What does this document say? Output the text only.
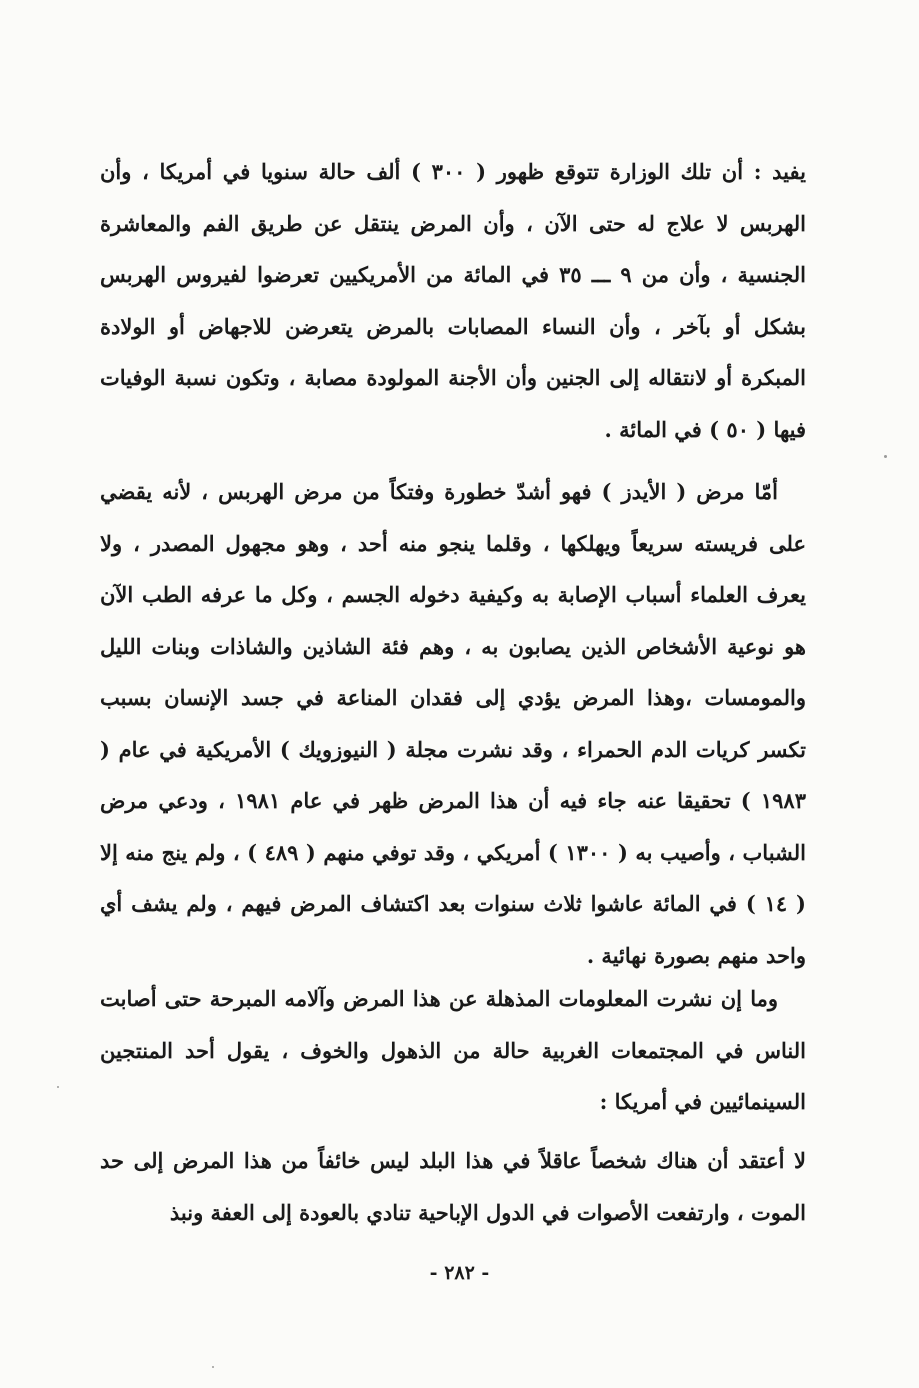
يفيد : أن تلك الوزارة تتوقع ظهور ( ٣٠٠ ) ألف حالة سنويا في أمريكا ، وأن الهربس لا علاج له حتى الآن ، وأن المرض ينتقل عن طريق الفم والمعاشرة الجنسية ، وأن من ٩ ـــ ٣٥ في المائة من الأمريكيين تعرضوا لفيروس الهربس بشكل أو بآخر ، وأن النساء المصابات بالمرض يتعرضن للاجهاض أو الولادة المبكرة أو لانتقاله إلى الجنين وأن الأجنة المولودة مصابة ، وتكون نسبة الوفيات فيها ( ٥٠ ) في المائة .

أمّا مرض ( الأيدز ) فهو أشدّ خطورة وفتكاً من مرض الهربس ، لأنه يقضي على فريسته سريعاً ويهلكها ، وقلما ينجو منه أحد ، وهو مجهول المصدر ، ولا يعرف العلماء أسباب الإصابة به وكيفية دخوله الجسم ، وكل ما عرفه الطب الآن هو نوعية الأشخاص الذين يصابون به ، وهم فئة الشاذين والشاذات وبنات الليل والمومسات ،وهذا المرض يؤدي إلى فقدان المناعة في جسد الإنسان بسبب تكسر كريات الدم الحمراء ، وقد نشرت مجلة ( النيوزويك ) الأمريكية في عام ( ١٩٨٣ ) تحقيقا عنه جاء فيه أن هذا المرض ظهر في عام ١٩٨١ ، ودعي مرض الشباب ، وأصيب به ( ١٣٠٠ ) أمريكي ، وقد توفي منهم ( ٤٨٩ ) ، ولم ينج منه إلا ( ١٤ ) في المائة عاشوا ثلاث سنوات بعد اكتشاف المرض فيهم ، ولم يشف أي واحد منهم بصورة نهائية .

وما إن نشرت المعلومات المذهلة عن هذا المرض وآلامه المبرحة حتى أصابت الناس في المجتمعات الغربية حالة من الذهول والخوف ، يقول أحد المنتجين السينمائيين في أمريكا :

لا أعتقد أن هناك شخصاً عاقلاً في هذا البلد ليس خائفاً من هذا المرض إلى حد الموت ، وارتفعت الأصوات في الدول الإباحية تنادي بالعودة إلى العفة ونبذ

- ٢٨٢ -
